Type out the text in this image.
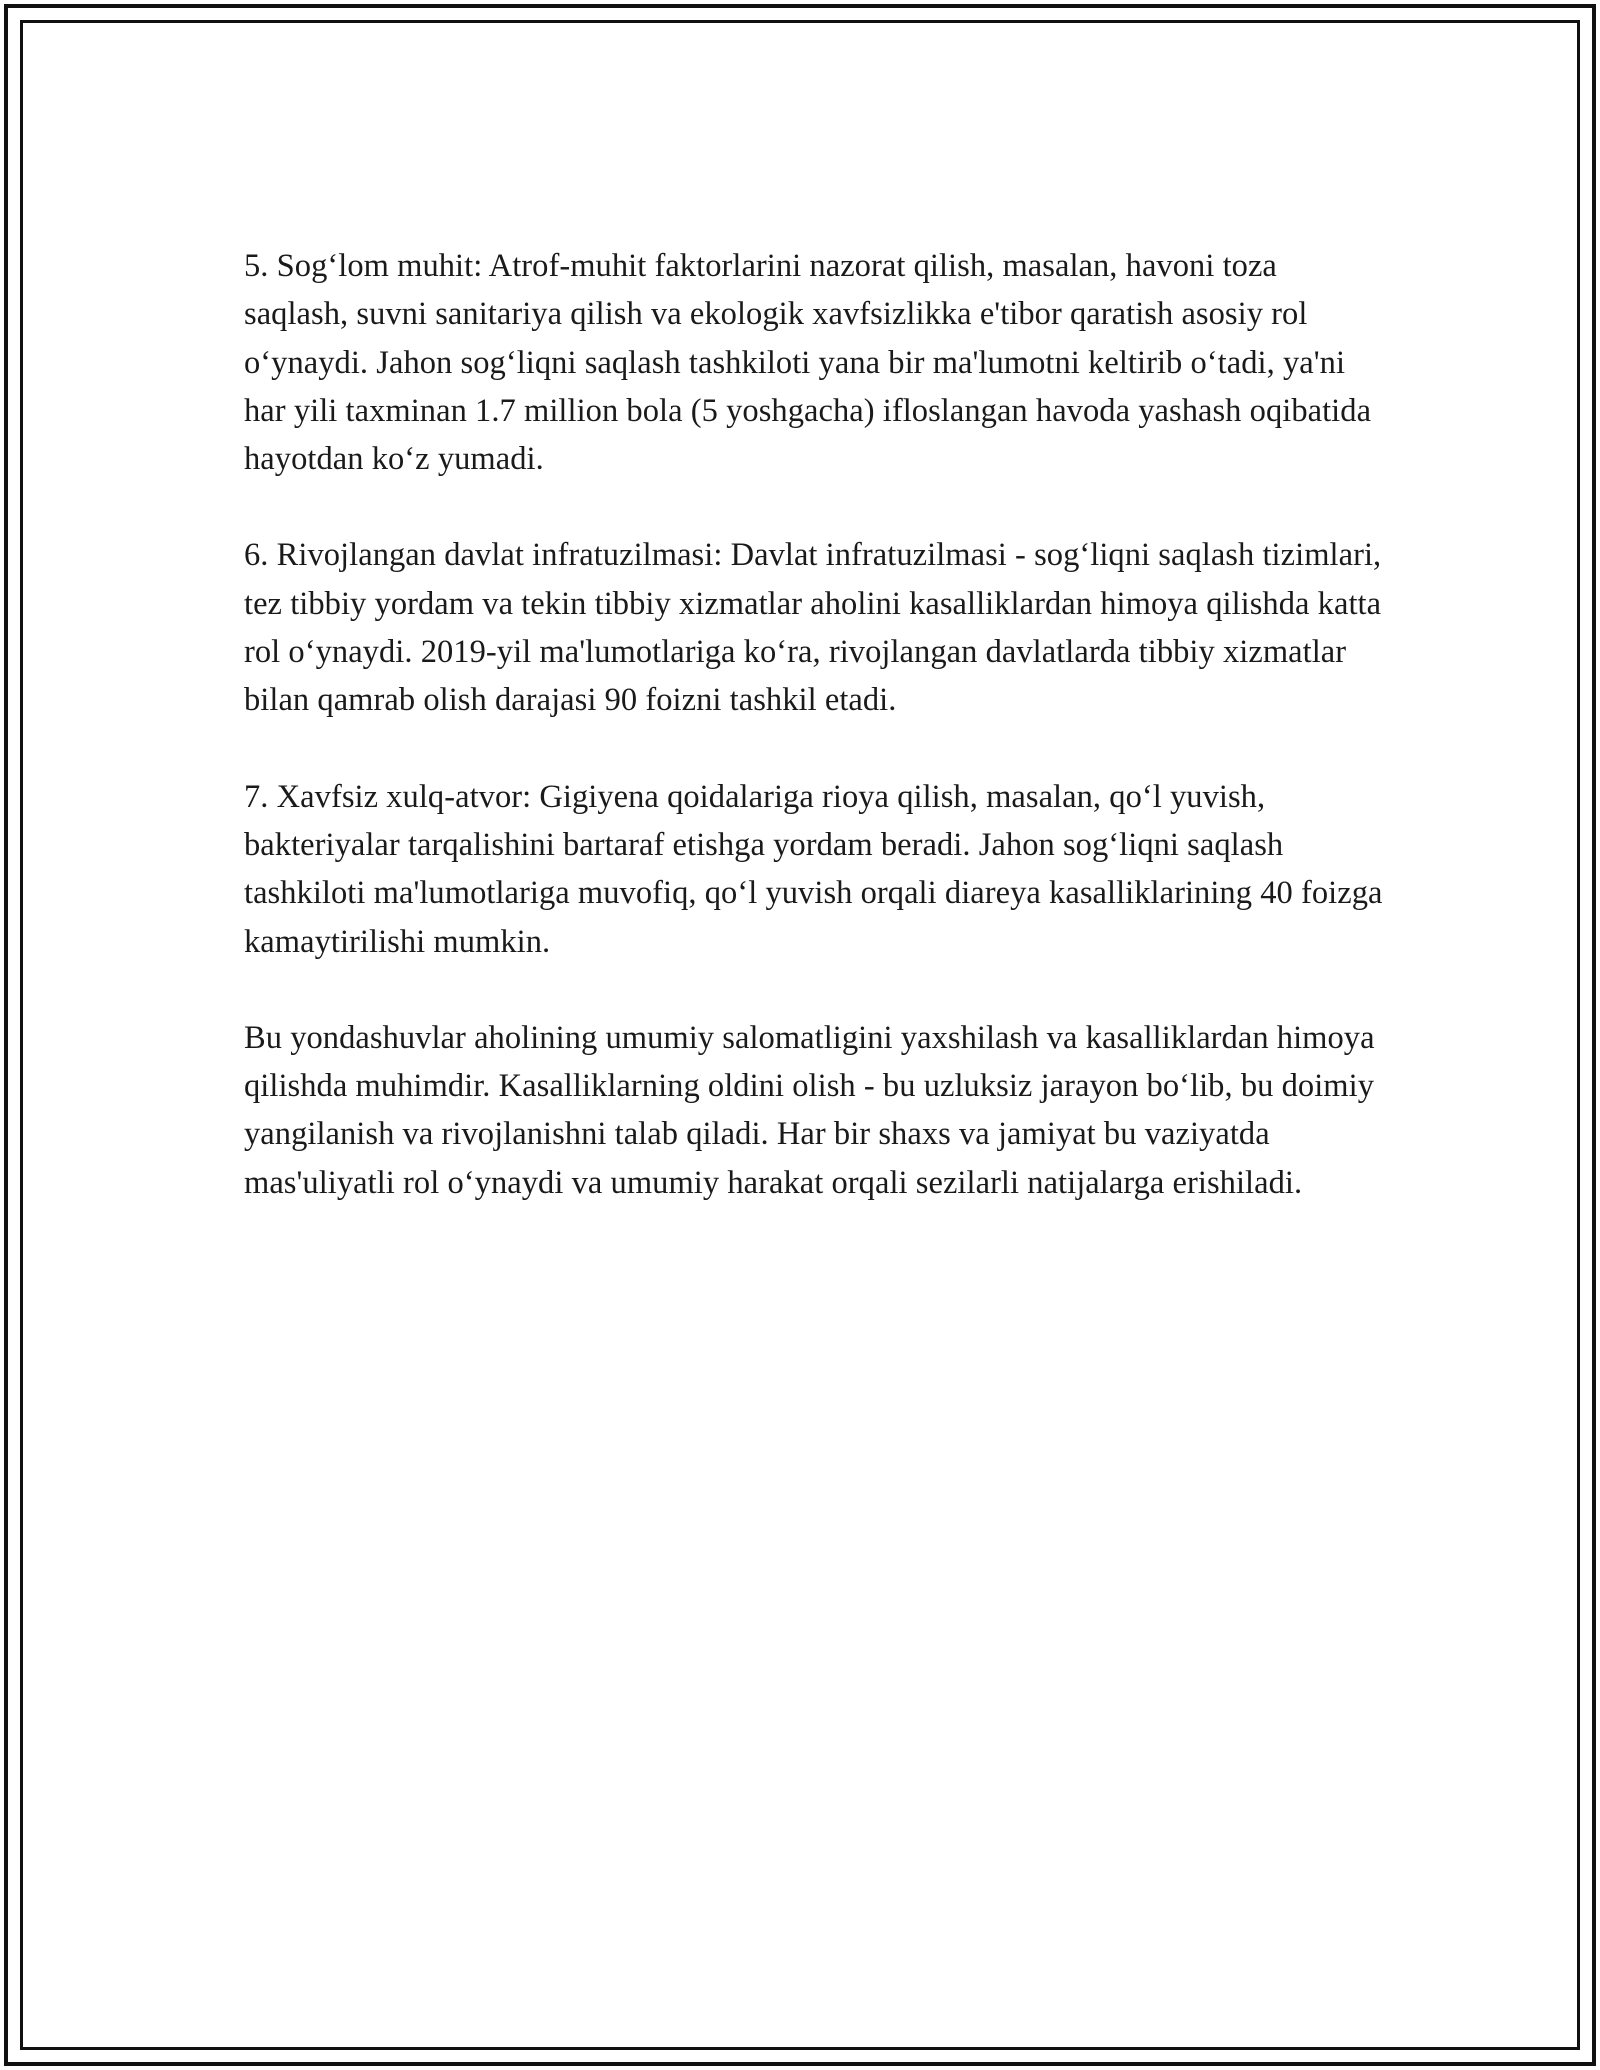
5. Sog‘lom muhit: Atrof-muhit faktorlarini nazorat qilish, masalan, havoni toza saqlash, suvni sanitariya qilish va ekologik xavfsizlikka e'tibor qaratish asosiy rol o‘ynaydi. Jahon sog‘liqni saqlash tashkiloti yana bir ma'lumotni keltirib o‘tadi, ya'ni har yili taxminan 1.7 million bola (5 yoshgacha) ifloslangan havoda yashash oqibatida hayotdan ko‘z yumadi.

6. Rivojlangan davlat infratuzilmasi: Davlat infratuzilmasi - sog‘liqni saqlash tizimlari, tez tibbiy yordam va tekin tibbiy xizmatlar aholini kasalliklardan himoya qilishda katta rol o‘ynaydi. 2019-yil ma'lumotlariga ko‘ra, rivojlangan davlatlarda tibbiy xizmatlar bilan qamrab olish darajasi 90 foizni tashkil etadi.

7. Xavfsiz xulq-atvor: Gigiyena qoidalariga rioya qilish, masalan, qo‘l yuvish, bakteriyalar tarqalishini bartaraf etishga yordam beradi. Jahon sog‘liqni saqlash tashkiloti ma'lumotlariga muvofiq, qo‘l yuvish orqali diareya kasalliklarining 40 foizga kamaytirilishi mumkin.

Bu yondashuvlar aholining umumiy salomatligini yaxshilash va kasalliklardan himoya qilishda muhimdir. Kasalliklarning oldini olish - bu uzluksiz jarayon bo‘lib, bu doimiy yangilanish va rivojlanishni talab qiladi. Har bir shaxs va jamiyat bu vaziyatda mas'uliyatli rol o‘ynaydi va umumiy harakat orqali sezilarli natijalarga erishiladi.
